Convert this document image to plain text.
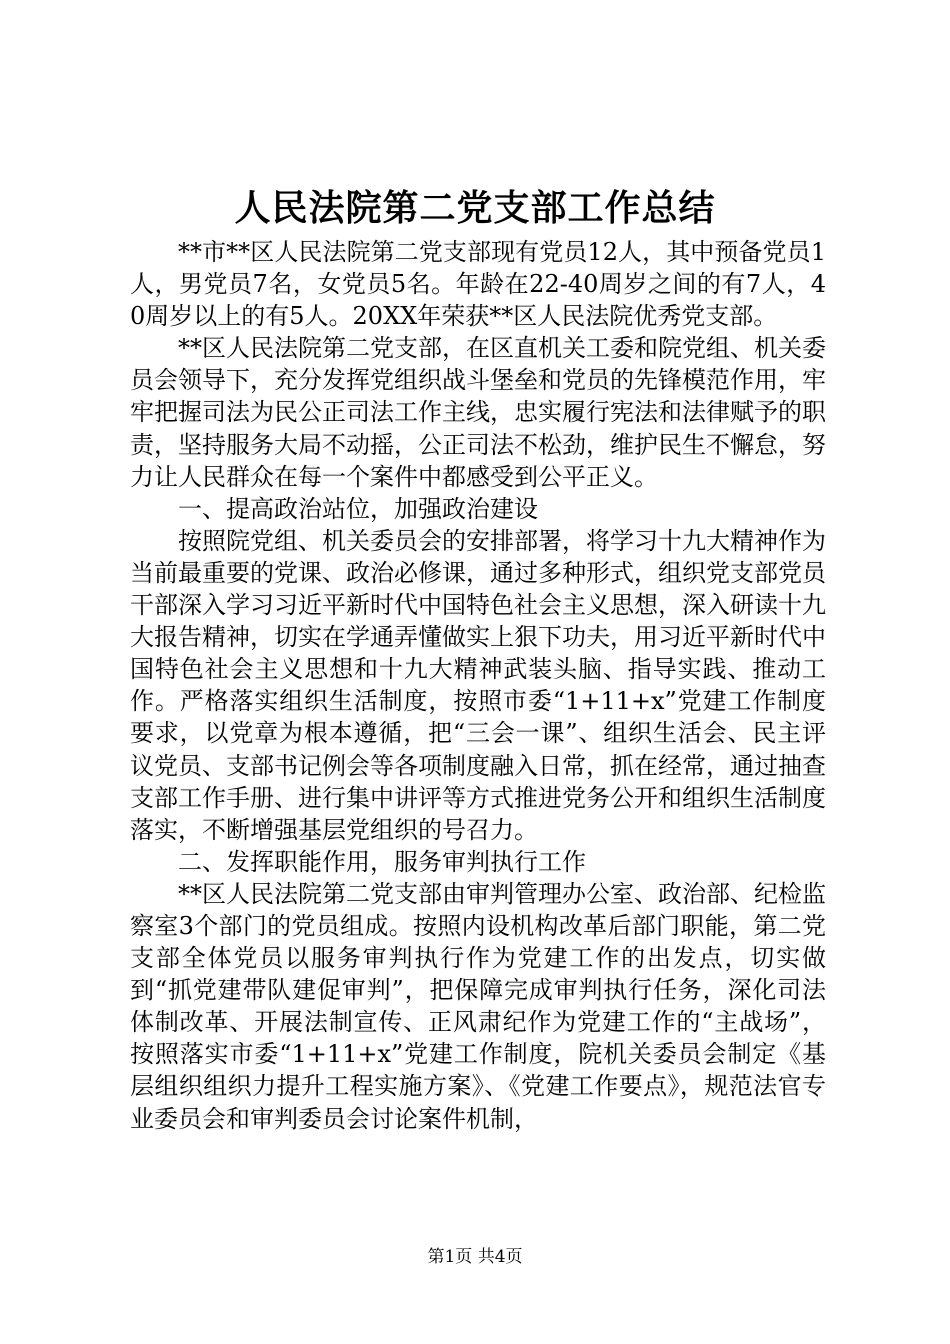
人民法院第二党支部工作总结

**市**区人民法院第二党支部现有党员12人，其中预备党员1人，男党员7名，女党员5名。年龄在22-40周岁之间的有7人，40周岁以上的有5人。20XX年荣获**区人民法院优秀党支部。

**区人民法院第二党支部，在区直机关工委和院党组、机关委员会领导下，充分发挥党组织战斗堡垒和党员的先锋模范作用，牢牢把握司法为民公正司法工作主线，忠实履行宪法和法律赋予的职责，坚持服务大局不动摇，公正司法不松劲，维护民生不懈怠，努力让人民群众在每一个案件中都感受到公平正义。

一、提高政治站位，加强政治建设

按照院党组、机关委员会的安排部署，将学习十九大精神作为当前最重要的党课、政治必修课，通过多种形式，组织党支部党员干部深入学习习近平新时代中国特色社会主义思想，深入研读十九大报告精神，切实在学通弄懂做实上狠下功夫，用习近平新时代中国特色社会主义思想和十九大精神武装头脑、指导实践、推动工作。严格落实组织生活制度，按照市委“1+11+x”党建工作制度要求，以党章为根本遵循，把“三会一课”、组织生活会、民主评议党员、支部书记例会等各项制度融入日常，抓在经常，通过抽查支部工作手册、进行集中讲评等方式推进党务公开和组织生活制度落实，不断增强基层党组织的号召力。

二、发挥职能作用，服务审判执行工作

**区人民法院第二党支部由审判管理办公室、政治部、纪检监察室3个部门的党员组成。按照内设机构改革后部门职能，第二党支部全体党员以服务审判执行作为党建工作的出发点，切实做到“抓党建带队建促审判”，把保障完成审判执行任务，深化司法体制改革、开展法制宣传、正风肃纪作为党建工作的“主战场”，按照落实市委“1+11+x”党建工作制度，院机关委员会制定《基层组织组织力提升工程实施方案》、《党建工作要点》，规范法官专业委员会和审判委员会讨论案件机制，

第1页 共4页
